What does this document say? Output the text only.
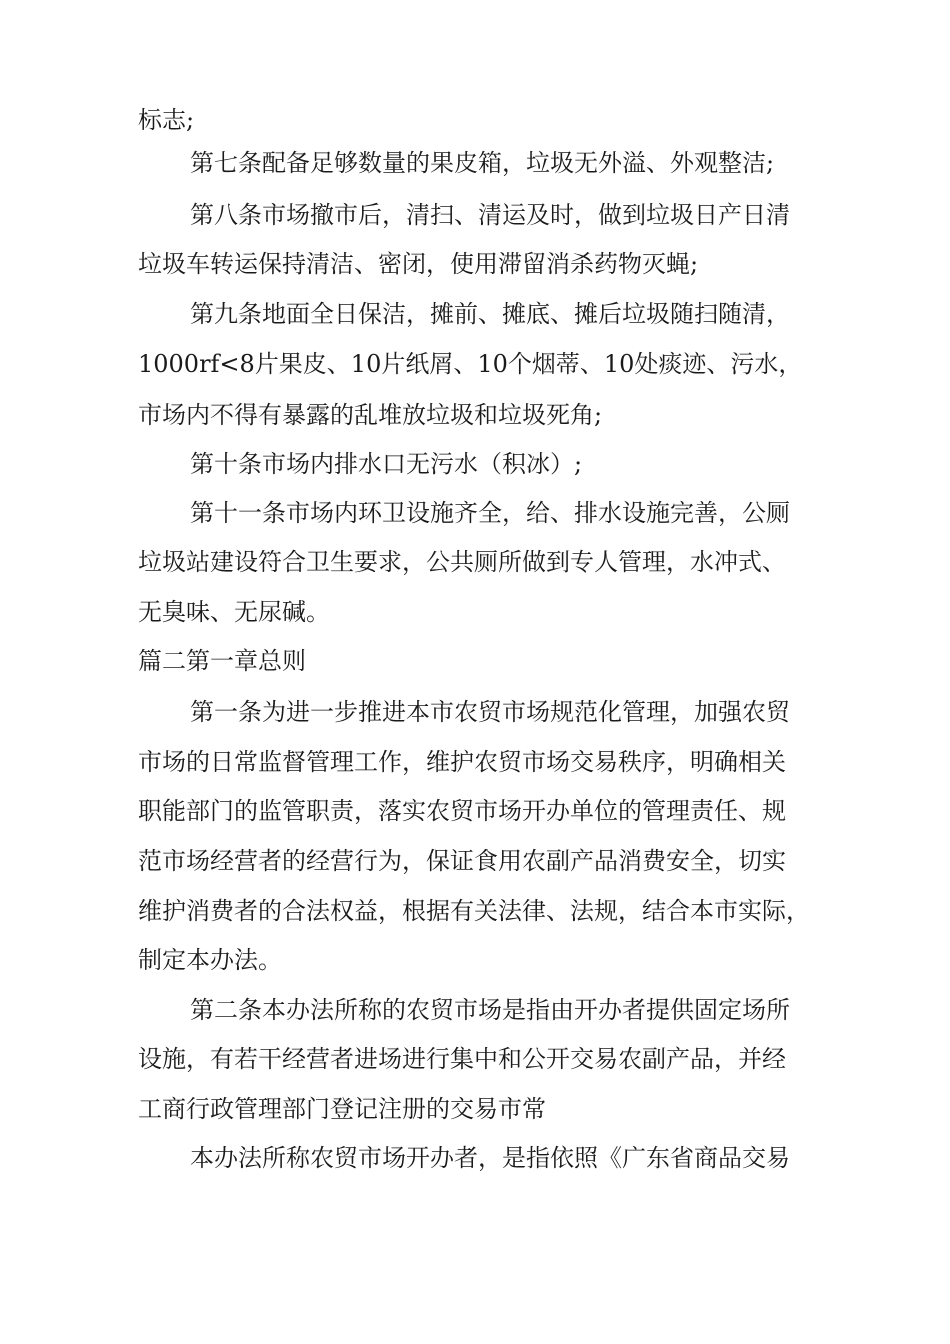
标志;
第七条配备足够数量的果皮箱，垃圾无外溢、外观整洁;
第八条市场撤市后，清扫、清运及时，做到垃圾日产日清
垃圾车转运保持清洁、密闭，使用滞留消杀药物灭蝇;
第九条地面全日保洁，摊前、摊底、摊后垃圾随扫随清，
1000rf<8片果皮、10片纸屑、10个烟蒂、10处痰迹、污水，
市场内不得有暴露的乱堆放垃圾和垃圾死角;
第十条市场内排水口无污水（积冰）;
第十一条市场内环卫设施齐全，给、排水设施完善，公厕
垃圾站建设符合卫生要求，公共厕所做到专人管理，水冲式、
无臭味、无尿碱。
篇二第一章总则
第一条为进一步推进本市农贸市场规范化管理，加强农贸
市场的日常监督管理工作，维护农贸市场交易秩序，明确相关
职能部门的监管职责，落实农贸市场开办单位的管理责任、规
范市场经营者的经营行为，保证食用农副产品消费安全，切实
维护消费者的合法权益，根据有关法律、法规，结合本市实际，
制定本办法。
第二条本办法所称的农贸市场是指由开办者提供固定场所
设施，有若干经营者进场进行集中和公开交易农副产品，并经
工商行政管理部门登记注册的交易市常
本办法所称农贸市场开办者，是指依照《广东省商品交易
